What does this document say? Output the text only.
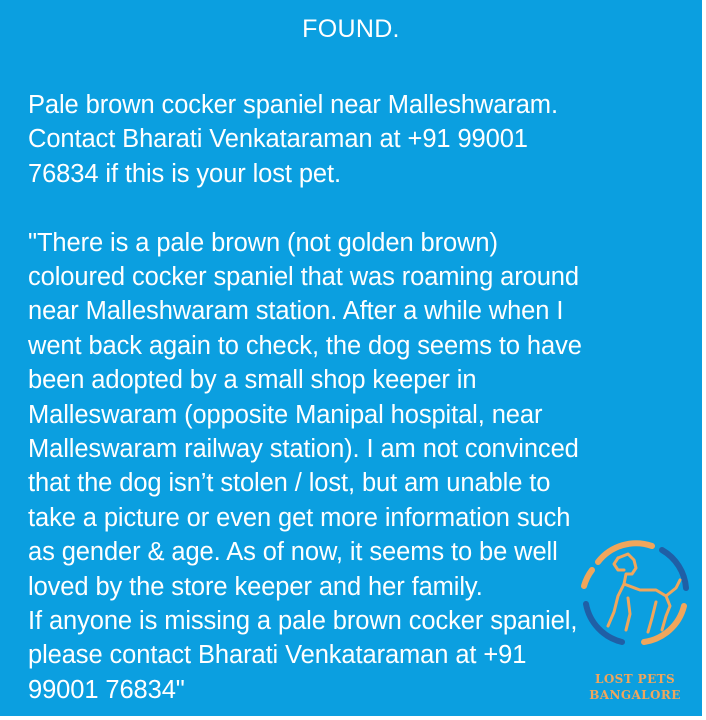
FOUND.

Pale brown cocker spaniel near Malleshwaram.

Contact Bharati Venkataraman at +91 99001

76834 if this is your lost pet.

"There is a pale brown (not golden brown)

coloured cocker spaniel that was roaming around

near Malleshwaram station. After a while when I

went back again to check, the dog seems to have

been adopted by a small shop keeper in

Malleswaram (opposite Manipal hospital, near

Malleswaram railway station). I am not convinced

that the dog isn’t stolen / lost, but am unable to

take a picture or even get more information such

as gender & age. As of now, it seems to be well

loved by the store keeper and her family.

If anyone is missing a pale brown cocker spaniel,

please contact Bharati Venkataraman at +91

99001 76834"	LOST PETS
BANGALORE
